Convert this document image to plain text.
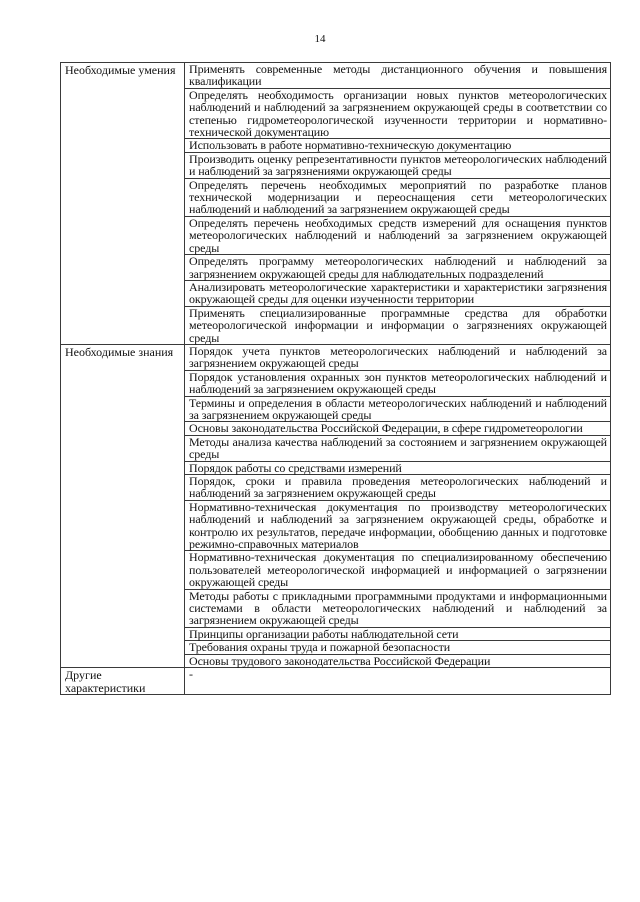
14
Необходимые умения	Применять современные методы дистанционного обучения и повышения квалификации
	Определять необходимость организации новых пунктов метеорологических наблюдений и наблюдений за загрязнением окружающей среды в соответствии со степенью гидрометеорологической изученности территории и нормативно-технической документацию
	Использовать в работе нормативно-техническую документацию
	Производить оценку репрезентативности пунктов метеорологических наблюдений и наблюдений за загрязнениями окружающей среды
	Определять перечень необходимых мероприятий по разработке планов технической модернизации и переоснащения сети метеорологических наблюдений и наблюдений за загрязнением окружающей среды
	Определять перечень необходимых средств измерений для оснащения пунктов метеорологических наблюдений и наблюдений за загрязнением окружающей среды
	Определять программу метеорологических наблюдений и наблюдений за загрязнением окружающей среды для наблюдательных подразделений
	Анализировать метеорологические характеристики и характеристики загрязнения окружающей среды для оценки изученности территории
	Применять специализированные программные средства для обработки метеорологической информации и информации о загрязнениях окружающей среды

Необходимые знания	Порядок учета пунктов метеорологических наблюдений и наблюдений за загрязнением окружающей среды
	Порядок установления охранных зон пунктов метеорологических наблюдений и наблюдений за загрязнением окружающей среды
	Термины и определения в области метеорологических наблюдений и наблюдений за загрязнением окружающей среды
	Основы законодательства Российской Федерации, в сфере гидрометеорологии
	Методы анализа качества наблюдений за состоянием и загрязнением окружающей среды
	Порядок работы со средствами измерений
	Порядок, сроки и правила проведения метеорологических наблюдений и наблюдений за загрязнением окружающей среды
	Нормативно-техническая документация по производству метеорологических наблюдений и наблюдений за загрязнением окружающей среды, обработке и контролю их результатов, передаче информации, обобщению данных и подготовке режимно-справочных материалов
	Нормативно-техническая документация по специализированному обеспечению пользователей метеорологической информацией и информацией о загрязнении окружающей среды
	Методы работы с прикладными программными продуктами и информационными системами в области метеорологических наблюдений и наблюдений за загрязнением окружающей среды
	Принципы организации работы наблюдательной сети
	Требования охраны труда и пожарной безопасности
	Основы трудового законодательства Российской Федерации

Другие характеристики	-
